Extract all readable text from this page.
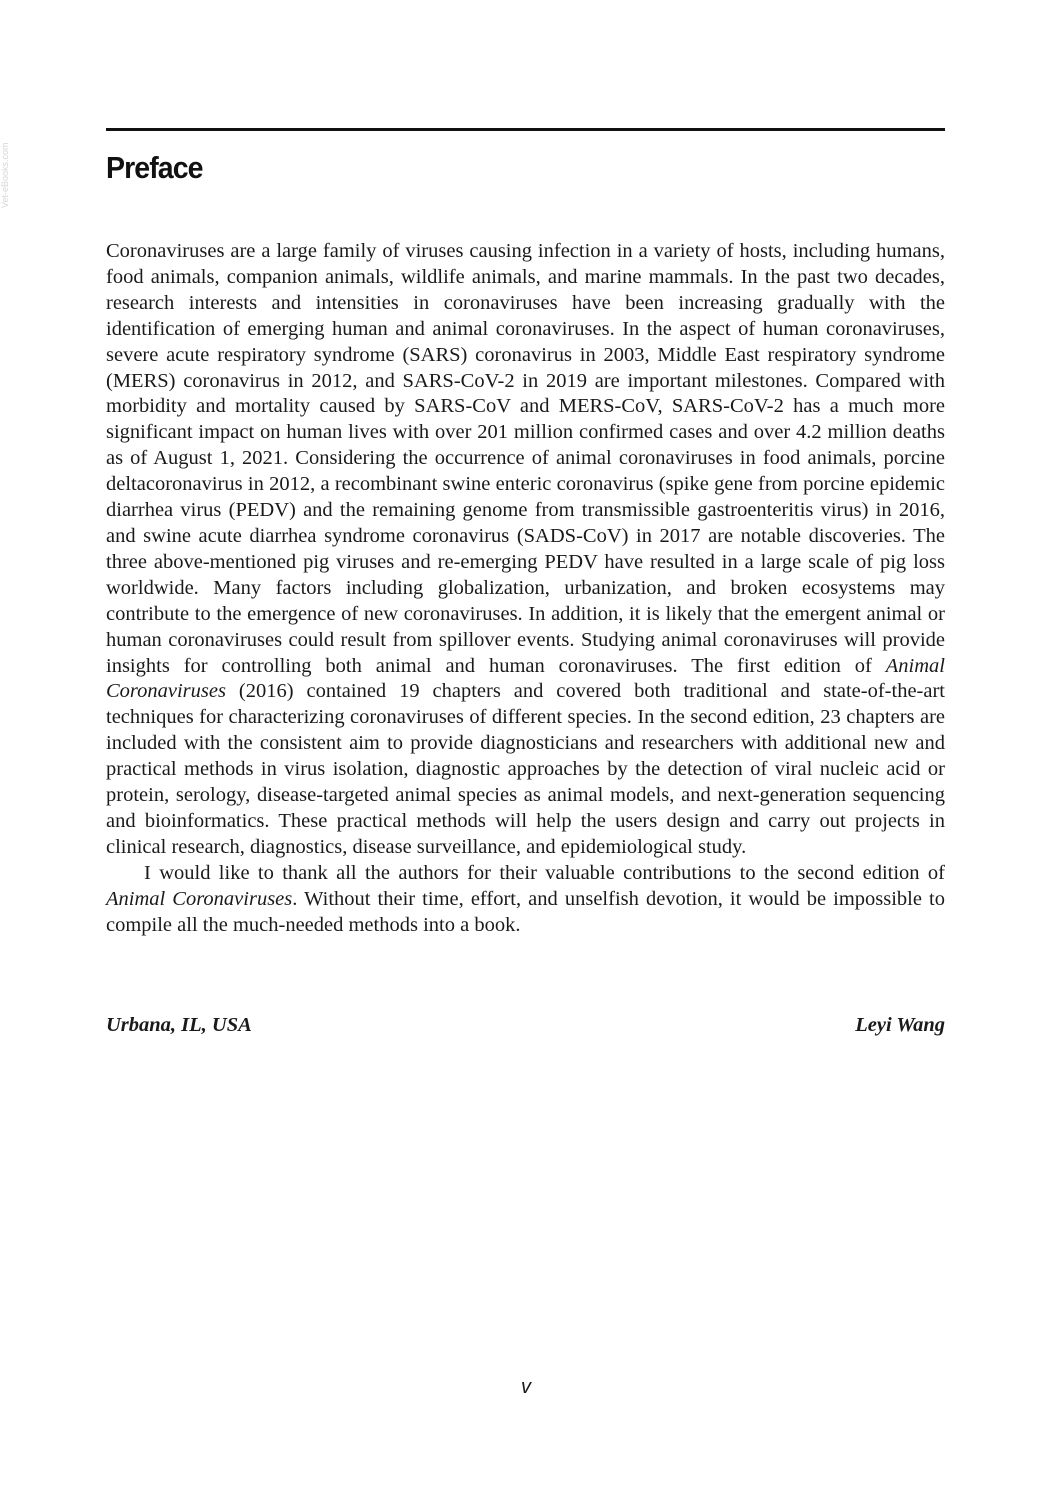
Vet-eBooks.com	Preface

Coronaviruses are a large family of viruses causing infection in a variety of hosts, including humans, food animals, companion animals, wildlife animals, and marine mammals. In the past two decades, research interests and intensities in coronaviruses have been increasing gradually with the identification of emerging human and animal coronaviruses. In the aspect of human coronaviruses, severe acute respiratory syndrome (SARS) coronavirus in 2003, Middle East respiratory syndrome (MERS) coronavirus in 2012, and SARS-CoV-2 in 2019 are important milestones. Compared with morbidity and mortality caused by SARS-CoV and MERS-CoV, SARS-CoV-2 has a much more significant impact on human lives with over 201 million confirmed cases and over 4.2 million deaths as of August 1, 2021. Considering the occurrence of animal coronaviruses in food animals, porcine deltacoronavirus in 2012, a recombinant swine enteric coronavirus (spike gene from porcine epidemic diarrhea virus (PEDV) and the remaining genome from transmissible gastroenteritis virus) in 2016, and swine acute diarrhea syndrome coronavirus (SADS-CoV) in 2017 are notable discoveries. The three above-mentioned pig viruses and re-emerging PEDV have resulted in a large scale of pig loss worldwide. Many factors including globalization, urbanization, and broken ecosystems may contribute to the emergence of new coronaviruses. In addition, it is likely that the emergent animal or human coronaviruses could result from spillover events. Studying animal coronaviruses will provide insights for controlling both animal and human coronaviruses. The first edition of Animal Coronaviruses (2016) contained 19 chapters and covered both traditional and state-of-the-art techniques for characterizing coronaviruses of different species. In the second edition, 23 chapters are included with the consistent aim to provide diagnosticians and researchers with additional new and practical methods in virus isolation, diagnostic approaches by the detection of viral nucleic acid or protein, serology, disease-targeted animal species as animal models, and next-generation sequencing and bioinformatics. These practical methods will help the users design and carry out projects in clinical research, diagnostics, disease surveillance, and epidemiological study.

I would like to thank all the authors for their valuable contributions to the second edition of Animal Coronaviruses. Without their time, effort, and unselfish devotion, it would be impossible to compile all the much-needed methods into a book.

Urbana, IL, USA	Leyi Wang
v
